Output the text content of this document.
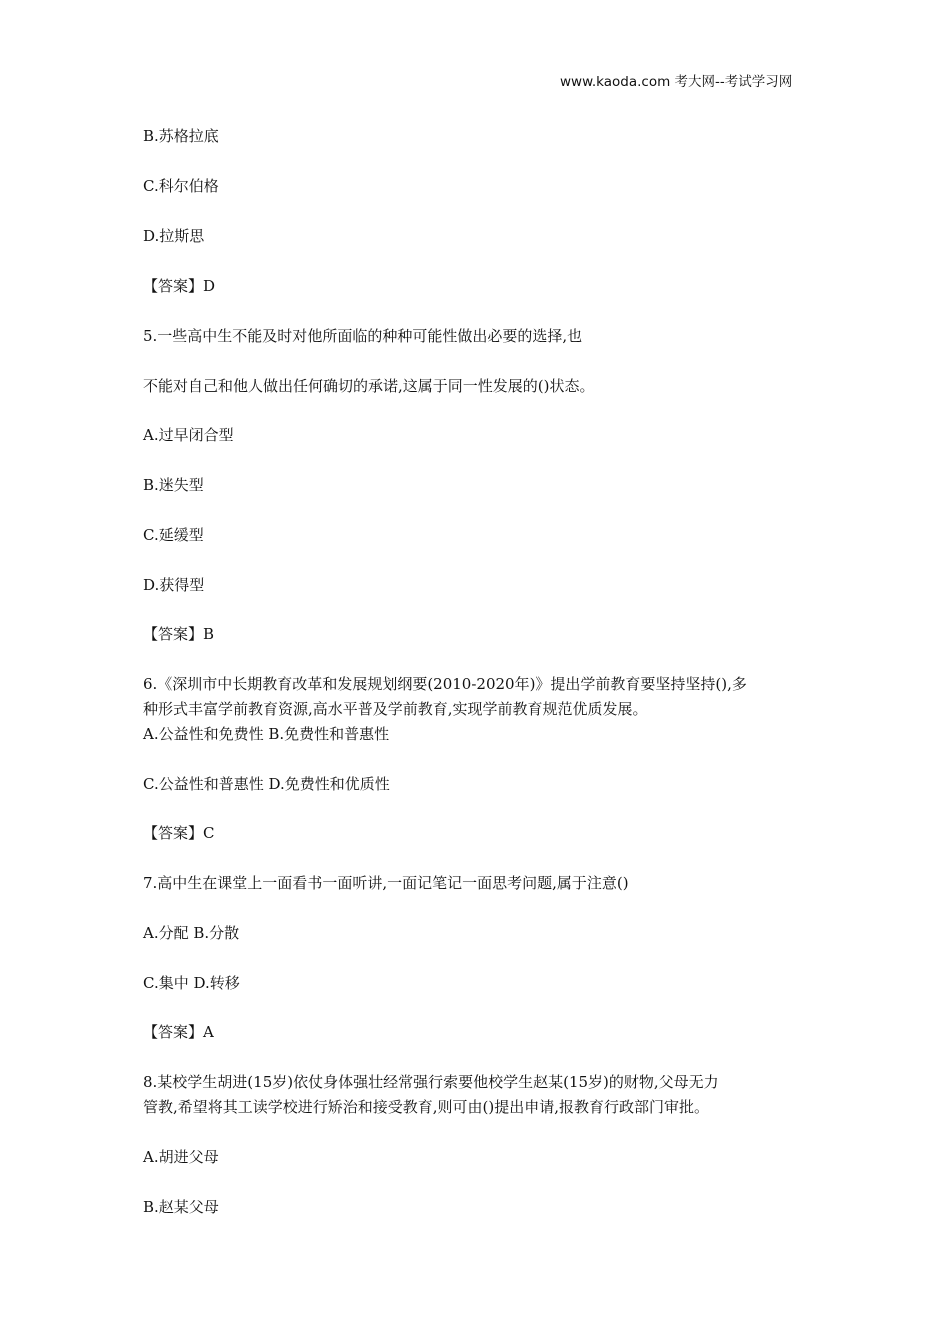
www.kaoda.com 考大网--考试学习网
B.苏格拉底
C.科尔伯格
D.拉斯思
【答案】D
5.一些高中生不能及时对他所面临的种种可能性做出必要的选择,也
不能对自己和他人做出任何确切的承诺,这属于同一性发展的()状态。
A.过早闭合型
B.迷失型
C.延缓型
D.获得型
【答案】B
6.《深圳市中长期教育改革和发展规划纲要(2010-2020年)》提出学前教育要坚持坚持(),多
种形式丰富学前教育资源,高水平普及学前教育,实现学前教育规范优质发展。
A.公益性和免费性 B.免费性和普惠性
C.公益性和普惠性 D.免费性和优质性
【答案】C
7.高中生在课堂上一面看书一面听讲,一面记笔记一面思考问题,属于注意()
A.分配 B.分散
C.集中 D.转移
【答案】A
8.某校学生胡进(15岁)依仗身体强壮经常强行索要他校学生赵某(15岁)的财物,父母无力
管教,希望将其工读学校进行矫治和接受教育,则可由()提出申请,报教育行政部门审批。
A.胡进父母
B.赵某父母
